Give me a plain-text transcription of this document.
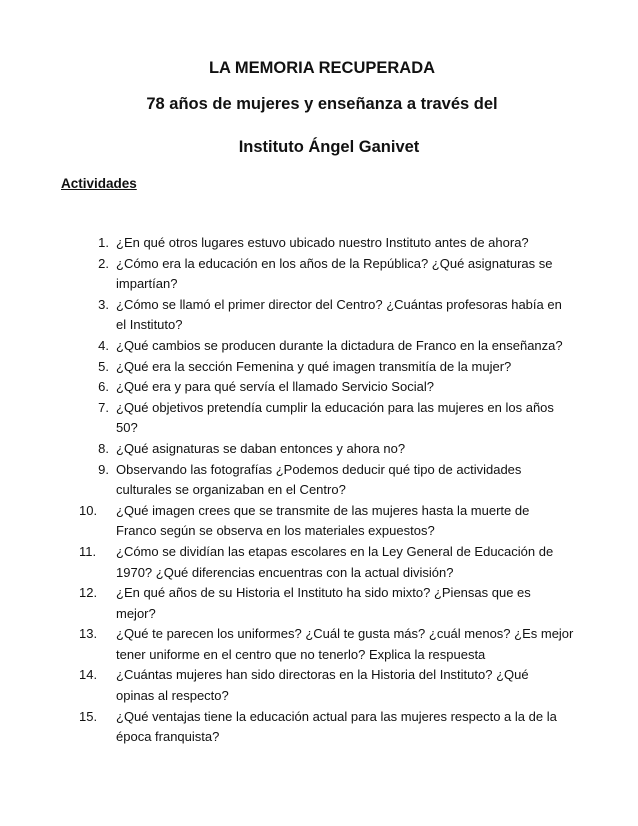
LA MEMORIA RECUPERADA
78 años de mujeres y enseñanza a través del
Instituto Ángel Ganivet
Actividades
1. ¿En qué otros lugares estuvo ubicado nuestro Instituto antes de ahora?
2. ¿Cómo era la educación en los años de la República? ¿Qué asignaturas se
impartían?
3. ¿Cómo se llamó el primer director del Centro? ¿Cuántas profesoras había en
el Instituto?
4. ¿Qué cambios se producen durante la dictadura de Franco en la enseñanza?
5. ¿Qué era la sección Femenina y qué imagen transmitía de la mujer?
6. ¿Qué era y para qué servía el llamado Servicio Social?
7. ¿Qué objetivos pretendía cumplir la educación para las mujeres en los años
50?
8. ¿Qué asignaturas se daban entonces y ahora no?
9. Observando las fotografías ¿Podemos deducir qué tipo de actividades
culturales se organizaban en el Centro?
10. ¿Qué imagen crees que se transmite de las mujeres hasta la muerte de
Franco según se observa en los materiales expuestos?
11. ¿Cómo se dividían las etapas escolares en la Ley General de Educación de
1970? ¿Qué diferencias encuentras con la actual división?
12. ¿En qué años de su Historia el Instituto ha sido mixto? ¿Piensas que es
mejor?
13. ¿Qué te parecen los uniformes? ¿Cuál te gusta más? ¿cuál menos? ¿Es mejor
tener uniforme en el centro que no tenerlo? Explica la respuesta
14. ¿Cuántas mujeres han sido directoras en la Historia del Instituto? ¿Qué
opinas al respecto?
15. ¿Qué ventajas tiene la educación actual para las mujeres respecto a la de la
época franquista?
